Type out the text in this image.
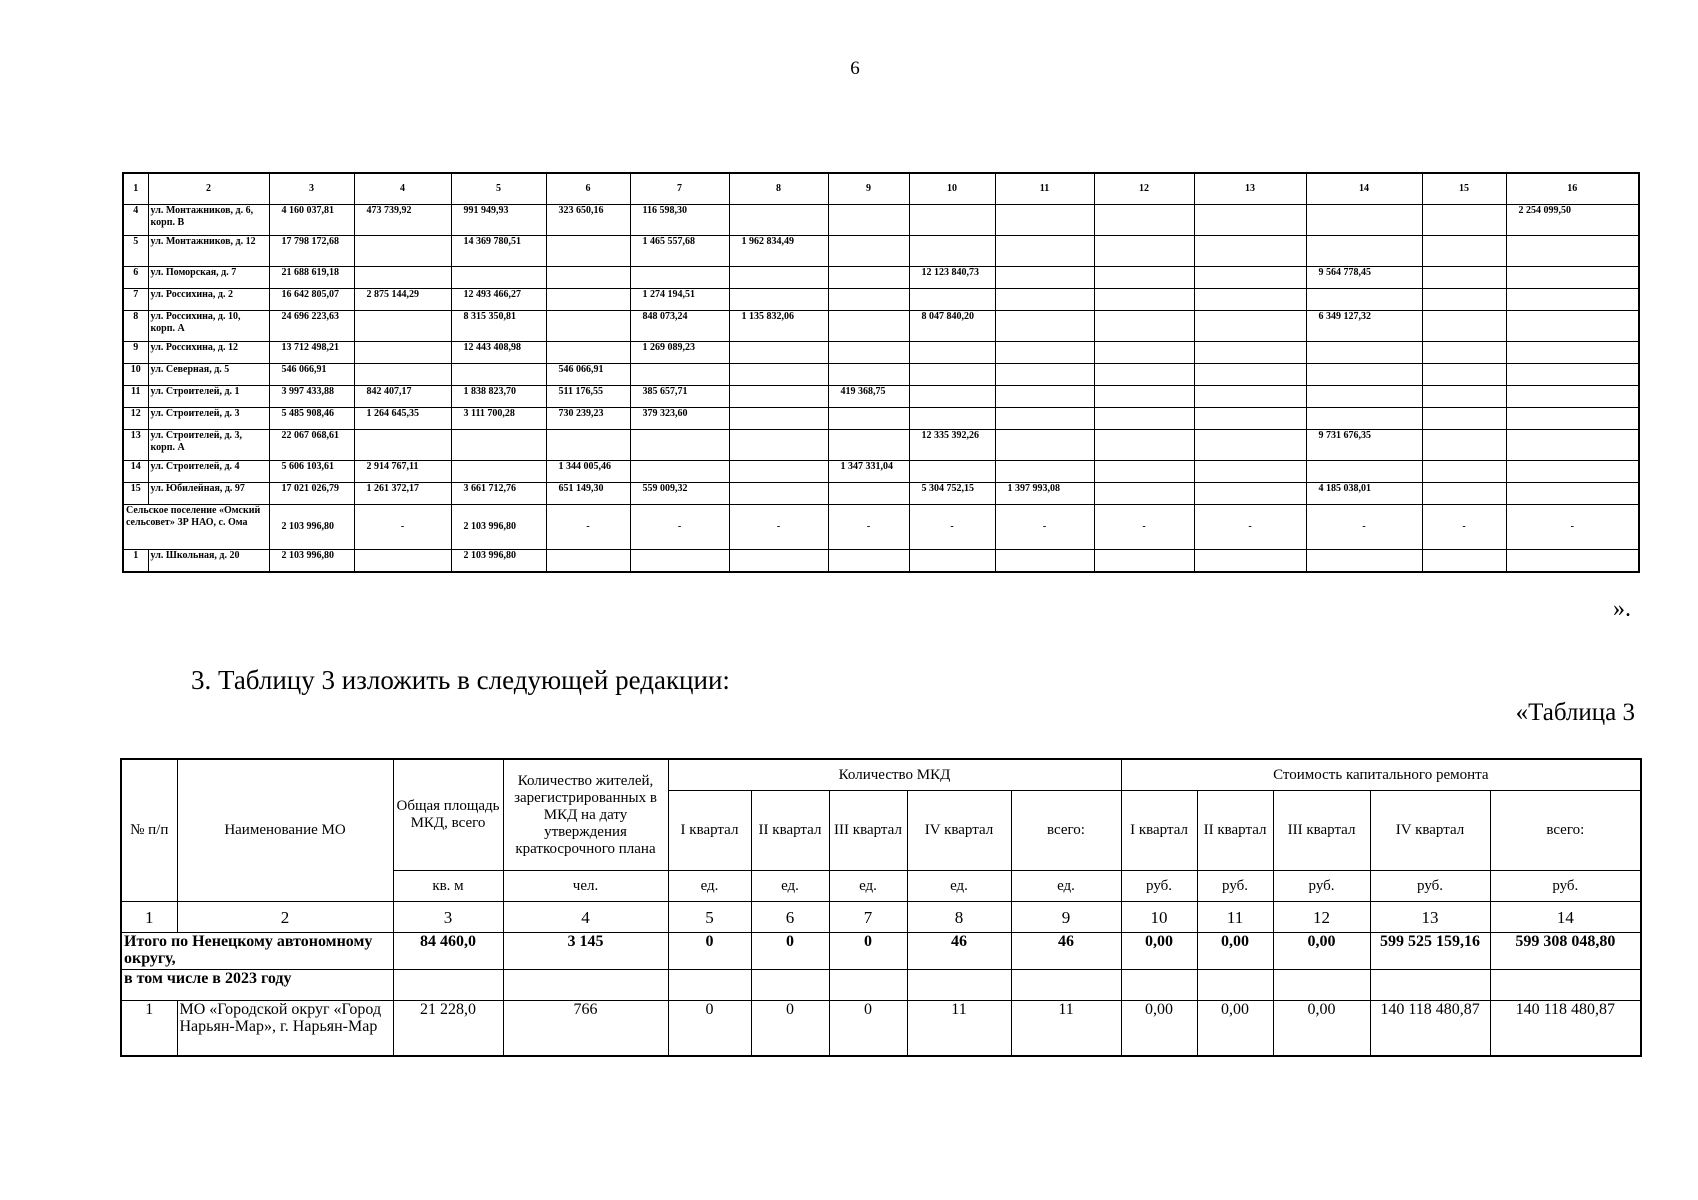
6
1	2	3	4	5	6	7	8	9	10	11	12	13	14	15	16
4	ул. Монтажников, д. 6, корп. В	4 160 037,81	473 739,92	991 949,93	323 650,16	116 598,30									2 254 099,50
5	ул. Монтажников, д. 12	17 798 172,68		14 369 780,51		1 465 557,68	1 962 834,49								
6	ул. Поморская, д. 7	21 688 619,18							12 123 840,73				9 564 778,45		
7	ул. Россихина, д. 2	16 642 805,07	2 875 144,29	12 493 466,27		1 274 194,51									
8	ул. Россихина, д. 10, корп. А	24 696 223,63		8 315 350,81		848 073,24	1 135 832,06		8 047 840,20				6 349 127,32		
9	ул. Россихина, д. 12	13 712 498,21		12 443 408,98		1 269 089,23									
10	ул. Северная, д. 5	546 066,91			546 066,91										
11	ул. Строителей, д. 1	3 997 433,88	842 407,17	1 838 823,70	511 176,55	385 657,71		419 368,75							
12	ул. Строителей, д. 3	5 485 908,46	1 264 645,35	3 111 700,28	730 239,23	379 323,60									
13	ул. Строителей, д. 3, корп. А	22 067 068,61							12 335 392,26				9 731 676,35		
14	ул. Строителей, д. 4	5 606 103,61	2 914 767,11		1 344 005,46			1 347 331,04							
15	ул. Юбилейная, д. 97	17 021 026,79	1 261 372,17	3 661 712,76	651 149,30	559 009,32			5 304 752,15	1 397 993,08			4 185 038,01		
Сельское поселение «Омский сельсовет» ЗР НАО, с. Ома		2 103 996,80	-	2 103 996,80	-	-	-	-	-	-	-	-	-	-	-
1	ул. Школьная, д. 20	2 103 996,80		2 103 996,80											
».
3. Таблицу 3 изложить в следующей редакции:
«Таблица 3
№ п/п	Наименование МО	Общая площадь МКД, всего	Количество жителей, зарегистрированных в МКД на дату утверждения краткосрочного плана	Количество МКД					Стоимость капитального ремонта				
				I квартал	II квартал	III квартал	IV квартал	всего:	I квартал	II квартал	III квартал	IV квартал	всего:
		кв. м	чел.	ед.	ед.	ед.	ед.	ед.	руб.	руб.	руб.	руб.	руб.
1	2	3	4	5	6	7	8	9	10	11	12	13	14
Итого по Ненецкому автономному округу,		84 460,0	3 145	0	0	0	46	46	0,00	0,00	0,00	599 525 159,16	599 308 048,80
в том числе в 2023 году													
1	МО «Городской округ «Город Нарьян-Мар», г. Нарьян-Мар	21 228,0	766	0	0	0	11	11	0,00	0,00	0,00	140 118 480,87	140 118 480,87
